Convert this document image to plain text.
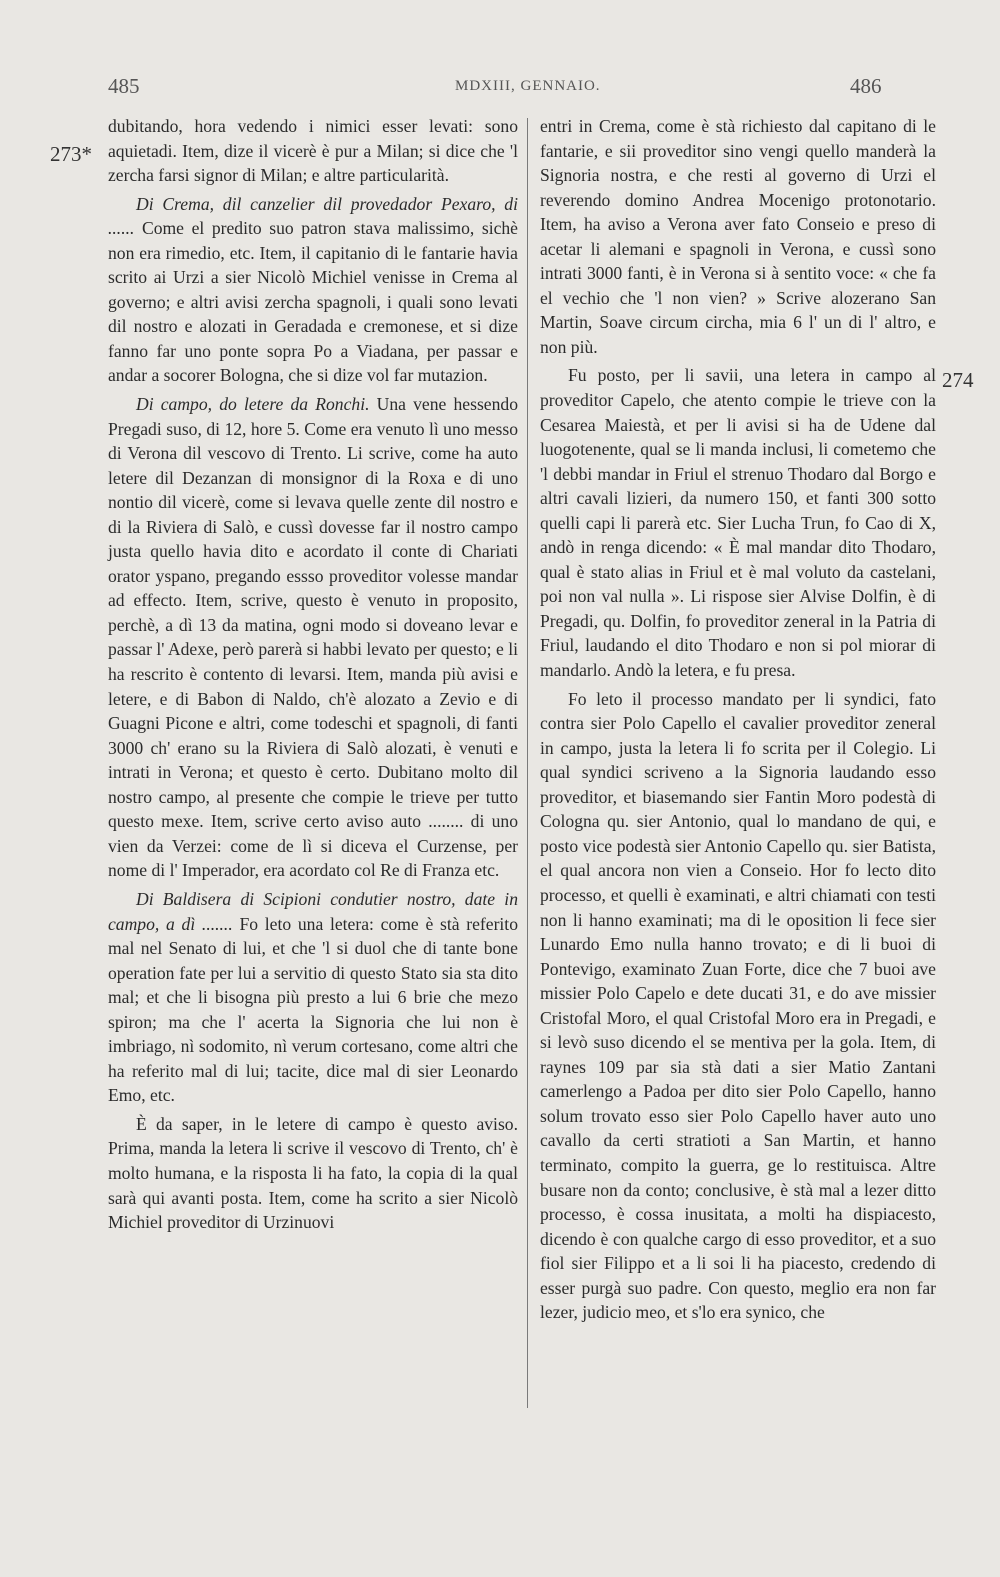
485	MDXIII, GENNAIO.	486
273*
274

dubitando, hora vedendo i nimici esser levati: sono aquietadi. Item, dize il vicerè è pur a Milan; si dice che 'l zercha farsi signor di Milan; e altre particularità.

Di Crema, dil canzelier dil provedador Pexaro, di ...... Come el predito suo patron stava malissimo, sichè non era rimedio, etc. Item, il capitanio di le fantarie havia scrito ai Urzi a sier Nicolò Michiel venisse in Crema al governo; e altri avisi zercha spagnoli, i quali sono levati dil nostro e alozati in Geradada e cremonese, et si dize fanno far uno ponte sopra Po a Viadana, per passar e andar a socorer Bologna, che si dize vol far mutazion.

Di campo, do letere da Ronchi. Una vene hessendo Pregadi suso, di 12, hore 5. Come era venuto lì uno messo di Verona dil vescovo di Trento. Li scrive, come ha auto letere dil Dezanzan di monsignor di la Roxa e di uno nontio dil vicerè, come si levava quelle zente dil nostro e di la Riviera di Salò, e cussì dovesse far il nostro campo justa quello havia dito e acordato il conte di Chariati orator yspano, pregando essso proveditor volesse mandar ad effecto. Item, scrive, questo è venuto in proposito, perchè, a dì 13 da matina, ogni modo si doveano levar e passar l' Adexe, però parerà si habbi levato per questo; e li ha rescrito è contento di levarsi. Item, manda più avisi e letere, e di Babon di Naldo, ch'è alozato a Zevio e di Guagni Picone e altri, come todeschi et spagnoli, di fanti 3000 ch' erano su la Riviera di Salò alozati, è venuti e intrati in Verona; et questo è certo. Dubitano molto dil nostro campo, al presente che compie le trieve per tutto questo mexe. Item, scrive certo aviso auto ........ di uno vien da Verzei: come de lì si diceva el Curzense, per nome di l' Imperador, era acordato col Re di Franza etc.

Di Baldisera di Scipioni condutier nostro, date in campo, a dì ....... Fo leto una letera: come è stà referito mal nel Senato di lui, et che 'l si duol che di tante bone operation fate per lui a servitio di questo Stato sia sta dito mal; et che li bisogna più presto a lui 6 brie che mezo spiron; ma che l' acerta la Signoria che lui non è imbriago, nì sodomito, nì verum cortesano, come altri che ha referito mal di lui; tacite, dice mal di sier Leonardo Emo, etc.

È da saper, in le letere di campo è questo aviso. Prima, manda la letera li scrive il vescovo di Trento, ch' è molto humana, e la risposta li ha fato, la copia di la qual sarà qui avanti posta. Item, come ha scrito a sier Nicolò Michiel proveditor di Urzinuovi

entri in Crema, come è stà richiesto dal capitano di le fantarie, e sii proveditor sino vengi quello manderà la Signoria nostra, e che resti al governo di Urzi el reverendo domino Andrea Mocenigo protonotario. Item, ha aviso a Verona aver fato Conseio e preso di acetar li alemani e spagnoli in Verona, e cussì sono intrati 3000 fanti, è in Verona si à sentito voce: « che fa el vechio che 'l non vien? » Scrive alozerano San Martin, Soave circum circha, mia 6 l' un di l' altro, e non più.

Fu posto, per li savii, una letera in campo al proveditor Capelo, che atento compie le trieve con la Cesarea Maiestà, et per li avisi si ha de Udene dal luogotenente, qual se li manda inclusi, li cometemo che 'l debbi mandar in Friul el strenuo Thodaro dal Borgo e altri cavali lizieri, da numero 150, et fanti 300 sotto quelli capi li parerà etc. Sier Lucha Trun, fo Cao di X, andò in renga dicendo: « È mal mandar dito Thodaro, qual è stato alias in Friul et è mal voluto da castelani, poi non val nulla ». Li rispose sier Alvise Dolfin, è di Pregadi, qu. Dolfin, fo proveditor zeneral in la Patria di Friul, laudando el dito Thodaro e non si pol miorar di mandarlo. Andò la letera, e fu presa.

Fo leto il processo mandato per li syndici, fato contra sier Polo Capello el cavalier proveditor zeneral in campo, justa la letera li fo scrita per il Colegio. Li qual syndici scriveno a la Signoria laudando esso proveditor, et biasemando sier Fantin Moro podestà di Cologna qu. sier Antonio, qual lo mandano de qui, e posto vice podestà sier Antonio Capello qu. sier Batista, el qual ancora non vien a Conseio. Hor fo lecto dito processo, et quelli è examinati, e altri chiamati con testi non li hanno examinati; ma di le oposition li fece sier Lunardo Emo nulla hanno trovato; e di li buoi di Pontevigo, examinato Zuan Forte, dice che 7 buoi ave missier Polo Capelo e dete ducati 31, e do ave missier Cristofal Moro, el qual Cristofal Moro era in Pregadi, e si levò suso dicendo el se mentiva per la gola. Item, di raynes 109 par sia stà dati a sier Matio Zantani camerlengo a Padoa per dito sier Polo Capello, hanno solum trovato esso sier Polo Capello haver auto uno cavallo da certi stratioti a San Martin, et hanno terminato, compito la guerra, ge lo restituisca. Altre busare non da conto; conclusive, è stà mal a lezer ditto processo, è cossa inusitata, a molti ha dispiacesto, dicendo è con qualche cargo di esso proveditor, et a suo fiol sier Filippo et a li soi li ha piacesto, credendo di esser purgà suo padre. Con questo, meglio era non far lezer, judicio meo, et s'lo era synico, che
